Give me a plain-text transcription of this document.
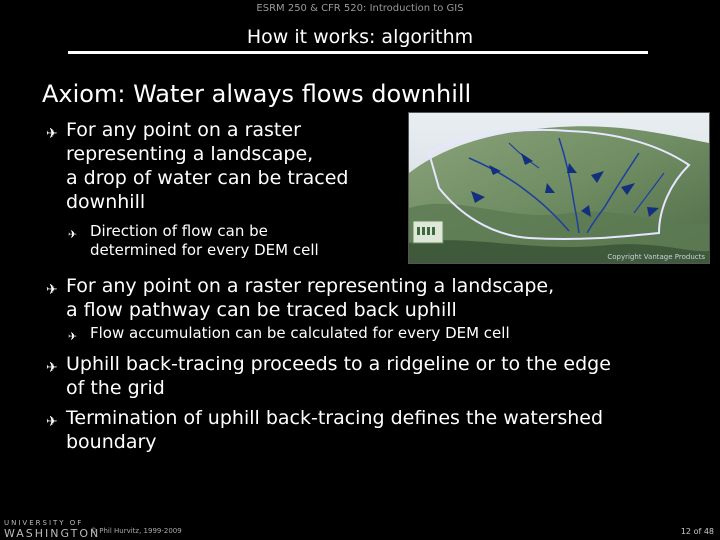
ESRM 250 & CFR 520: Introduction to GIS
How it works: algorithm
Axiom: Water always flows downhill
✈ For any point on a raster
representing a landscape,
a drop of water can be traced
downhill
✈ Direction of flow can be
determined for every DEM cell
✈ For any point on a raster representing a landscape,
a flow pathway can be traced back uphill
✈ Flow accumulation can be calculated for every DEM cell
✈ Uphill back-tracing proceeds to a ridgeline or to the edge
of the grid
✈ Termination of uphill back-tracing defines the watershed
boundary
Copyright Vantage Products
UNIVERSITY OF
WASHINGTON
© Phil Hurvitz, 1999-2009	12 of 48
